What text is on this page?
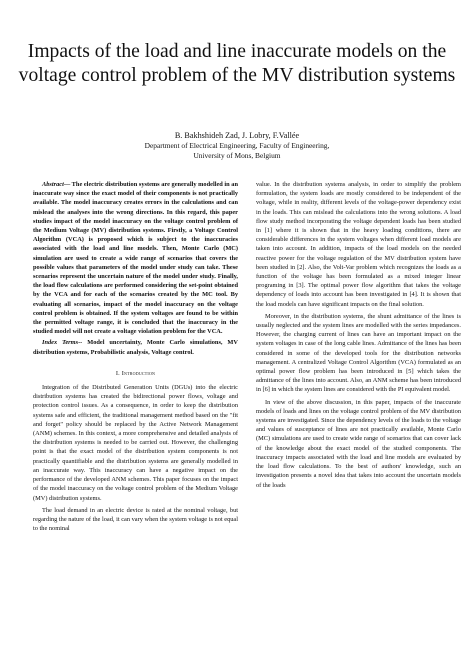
Impacts of the load and line inaccurate models on the voltage control problem of the MV distribution systems
B. Bakhshideh Zad, J. Lobry, F.Vallée
Department of Electrical Engineering, Faculty of Engineering,
University of Mons, Belgium

Abstract— The electric distribution systems are generally modelled in an inaccurate way since the exact model of their components is not practically available. The model inaccuracy creates errors in the calculations and can mislead the analyses into the wrong directions. In this regard, this paper studies impact of the model inaccuracy on the voltage control problem of the Medium Voltage (MV) distribution systems. Firstly, a Voltage Control Algorithm (VCA) is proposed which is subject to the inaccuracies associated with the load and line models. Then, Monte Carlo (MC) simulation are used to create a wide range of scenarios that covers the possible values that parameters of the model under study can take. These scenarios represent the uncertain nature of the model under study. Finally, the load flow calculations are performed considering the set-point obtained by the VCA and for each of the scenarios created by the MC tool. By evaluating all scenarios, impact of the model inaccuracy on the voltage control problem is obtained. If the system voltages are found to be within the permitted voltage range, it is concluded that the inaccuracy in the studied model will not create a voltage violation problem for the VCA.

Index Terms-- Model uncertainty, Monte Carlo simulations, MV distribution systems, Probabilistic analysis, Voltage control.

I. Introduction

Integration of the Distributed Generation Units (DGUs) into the electric distribution systems has created the bidirectional power flows, voltage and protection control issues. As a consequence, in order to keep the distribution systems safe and efficient, the traditional management method based on the "fit and forget" policy should be replaced by the Active Network Management (ANM) schemes. In this context, a more comprehensive and detailed analysis of the distribution systems is needed to be carried out. However, the challenging point is that the exact model of the distribution system components is not practically quantifiable and the distribution systems are generally modelled in an inaccurate way. This inaccuracy can have a negative impact on the performance of the developed ANM schemes. This paper focuses on the impact of the model inaccuracy on the voltage control problem of the Medium Voltage (MV) distribution systems.

The load demand in an electric device is rated at the nominal voltage, but regarding the nature of the load, it can vary when the system voltage is not equal to the nominal

value. In the distribution systems analysis, in order to simplify the problem formulation, the system loads are mostly considered to be independent of the voltage, while in reality, different levels of the voltage-power dependency exist in the loads. This can mislead the calculations into the wrong solutions. A load flow study method incorporating the voltage dependent loads has been studied in [1] where it is shown that in the heavy loading conditions, there are considerable differences in the system voltages when different load models are taken into account. In addition, impacts of the load models on the needed reactive power for the voltage regulation of the MV distribution system have been studied in [2]. Also, the Volt-Var problem which recognizes the loads as a function of the voltage has been formulated as a mixed integer linear programing in [3]. The optimal power flow algorithm that takes the voltage dependency of loads into account has been investigated in [4]. It is shown that the load models can have significant impacts on the final solution.

Moreover, in the distribution systems, the shunt admittance of the lines is usually neglected and the system lines are modelled with the series impedances. However, the charging current of lines can have an important impact on the system voltages in case of the long cable lines. Admittance of the lines has been considered in some of the developed tools for the distribution networks management. A centralized Voltage Control Algorithm (VCA) formulated as an optimal power flow problem has been introduced in [5] which takes the admittance of the lines into account. Also, an ANM scheme has been introduced in [6] in which the system lines are considered with the PI equivalent model.

In view of the above discussion, in this paper, impacts of the inaccurate models of loads and lines on the voltage control problem of the MV distribution systems are investigated. Since the dependency levels of the loads to the voltage and values of susceptance of lines are not practically available, Monte Carlo (MC) simulations are used to create wide range of scenarios that can cover lack of the knowledge about the exact model of the studied components. The inaccuracy impacts associated with the load and line models are evaluated by the load flow calculations. To the best of authors' knowledge, such an investigation presents a novel idea that takes into account the uncertain models of the loads
